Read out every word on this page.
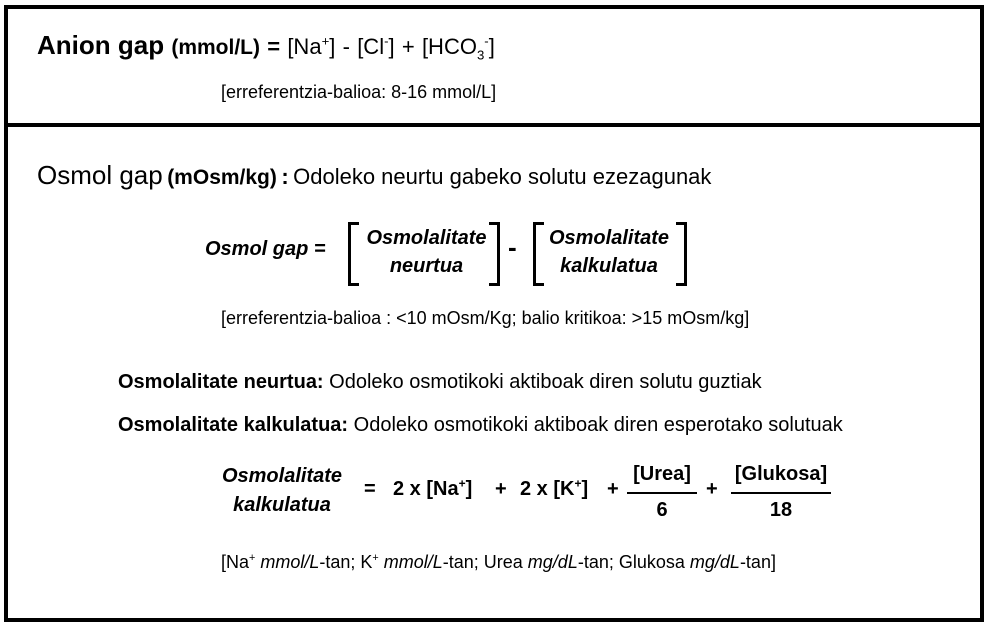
Anion gap (mmol/L) = $[Na^+] - [Cl^-] + [HCO_3^-]$
[erreferentzia-balioa: 8-16 mmol/L]
Osmol gap (mOsm/kg) : Odoleko neurtu gabeko solutu ezezagunak
Osmol gap =	Osmolalitate
neurtua
-	Osmolalitate
kalkulatua
[erreferentzia-balioa : <10 mOsm/Kg; balio kritikoa: >15 mOsm/kg]
Osmolalitate neurtua: Odoleko osmotikoki aktiboak diren solutu guztiak
Osmolalitate kalkulatua: Odoleko osmotikoki aktiboak diren esperotako solutuak
Osmolalitate
kalkulatua
= 2 x [Na+] + 2 x [K+] +
[Urea]
6
+
[Glukosa]
18
[Na+ mmol/L-tan; K+ mmol/L-tan; Urea mg/dL-tan; Glukosa mg/dL-tan]
